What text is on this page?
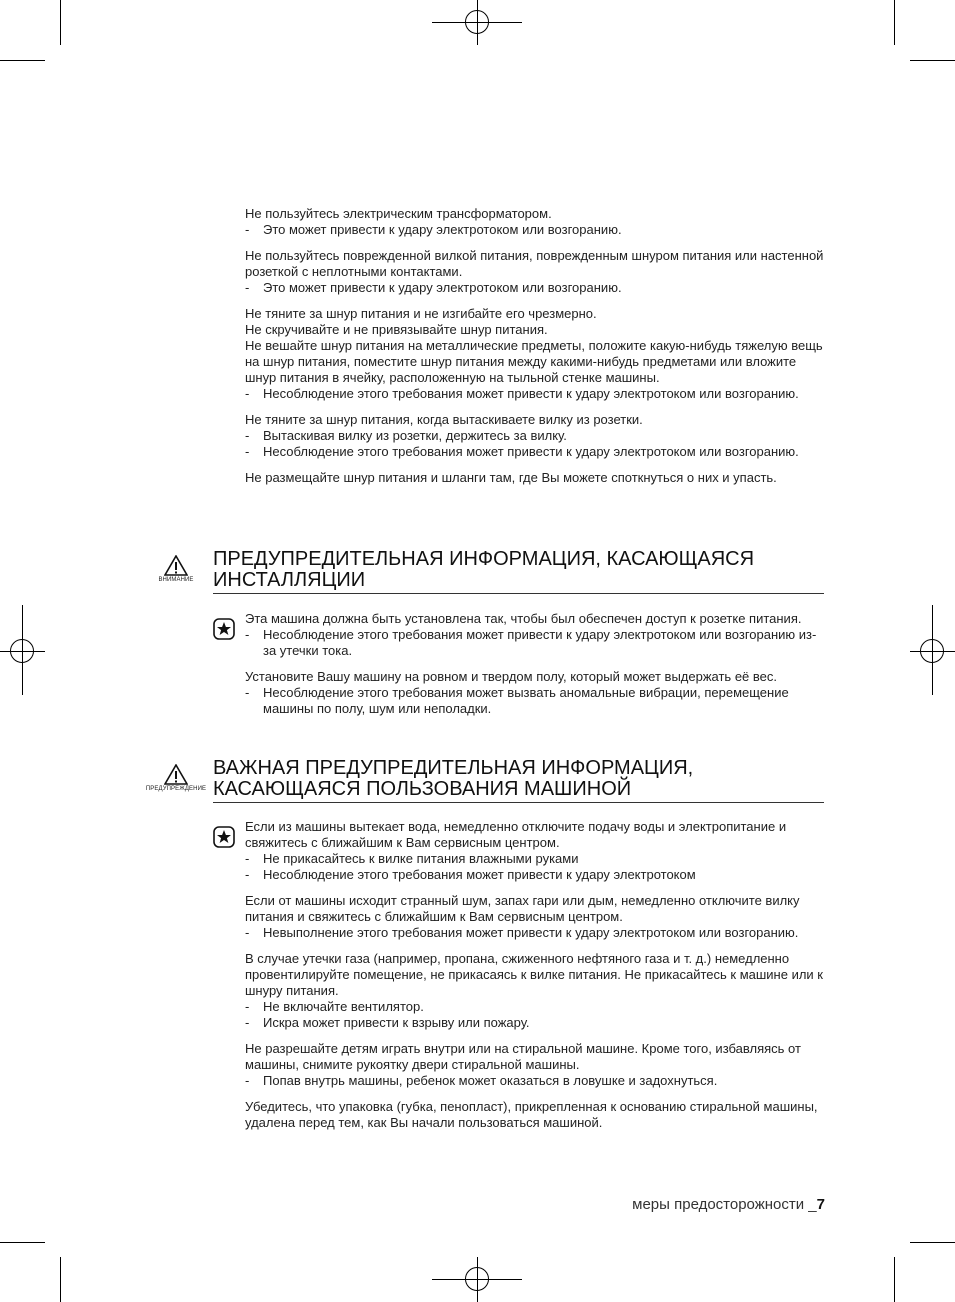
Не пользуйтесь электрическим трансформатором.

- Это может привести к удару электротоком или возгоранию.

Не пользуйтесь поврежденной вилкой питания, поврежденным шнуром питания или настенной розеткой с неплотными контактами.

- Это может привести к удару электротоком или возгоранию.

Не тяните за шнур питания и не изгибайте его чрезмерно.

Не скручивайте и не привязывайте шнур питания.

Не вешайте шнур питания на металлические предметы, положите какую-нибудь тяжелую вещь на шнур питания, поместите шнур питания между какими-нибудь предметами или вложите шнур питания в ячейку, расположенную на тыльной стенке машины.

- Несоблюдение этого требования может привести к удару электротоком или возгоранию.

Не тяните за шнур питания, когда вытаскиваете вилку из розетки.

- Вытаскивая вилку из розетки, держитесь за вилку.

- Несоблюдение этого требования может привести к удару электротоком или возгоранию.

Не размещайте шнур питания и шланги там, где Вы можете споткнуться о них и упасть.

ВНИМАНИЕ
ПРЕДУПРЕДИТЕЛЬНАЯ ИНФОРМАЦИЯ, КАСАЮЩАЯСЯ ИНСТАЛЛЯЦИИ

Эта машина должна быть установлена так, чтобы был обеспечен доступ к розетке питания.

- Несоблюдение этого требования может привести к удару электротоком или возгоранию из-за утечки тока.

Установите Вашу машину на ровном и твердом полу, который может выдержать её вес.

- Несоблюдение этого требования может вызвать аномальные вибрации, перемещение машины по полу, шум или неполадки.

ПРЕДУПРЕЖДЕНИЕ
ВАЖНАЯ ПРЕДУПРЕДИТЕЛЬНАЯ ИНФОРМАЦИЯ, КАСАЮЩАЯСЯ ПОЛЬЗОВАНИЯ МАШИНОЙ

Если из машины вытекает вода, немедленно отключите подачу воды и электропитание и свяжитесь с ближайшим к Вам сервисным центром.

- Не прикасайтесь к вилке питания влажными руками

- Несоблюдение этого требования может привести к удару электротоком

Если от машины исходит странный шум, запах гари или дым, немедленно отключите вилку питания и свяжитесь с ближайшим к Вам сервисным центром.

- Невыполнение этого требования может привести к удару электротоком или возгоранию.

В случае утечки газа (например, пропана, сжиженного нефтяного газа и т. д.) немедленно провентилируйте помещение, не прикасаясь к вилке питания. Не прикасайтесь к машине или к шнуру питания.

- Не включайте вентилятор.

- Искра может привести к взрыву или пожару.

Не разрешайте детям играть внутри или на стиральной машине. Кроме того, избавляясь от машины, снимите рукоятку двери стиральной машины.

- Попав внутрь машины, ребенок может оказаться в ловушке и задохнуться.

Убедитесь, что упаковка (губка, пенопласт), прикрепленная к основанию стиральной машины, удалена перед тем, как Вы начали пользоваться машиной.

меры предосторожности _7
